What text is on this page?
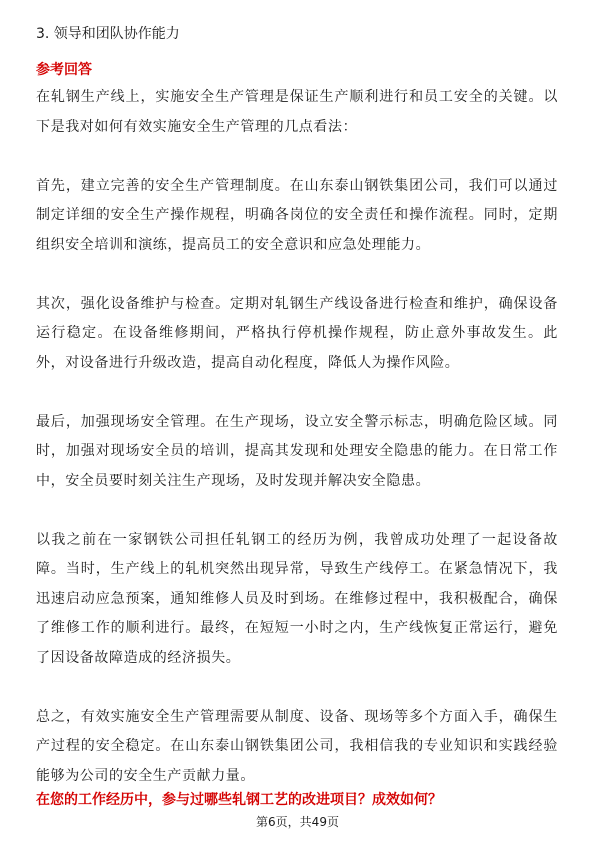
3. 领导和团队协作能力
参考回答

在轧钢生产线上，实施安全生产管理是保证生产顺利进行和员工安全的关键。以下是我对如何有效实施安全生产管理的几点看法：

首先，建立完善的安全生产管理制度。在山东泰山钢铁集团公司，我们可以通过制定详细的安全生产操作规程，明确各岗位的安全责任和操作流程。同时，定期组织安全培训和演练，提高员工的安全意识和应急处理能力。

其次，强化设备维护与检查。定期对轧钢生产线设备进行检查和维护，确保设备运行稳定。在设备维修期间，严格执行停机操作规程，防止意外事故发生。此外，对设备进行升级改造，提高自动化程度，降低人为操作风险。

最后，加强现场安全管理。在生产现场，设立安全警示标志，明确危险区域。同时，加强对现场安全员的培训，提高其发现和处理安全隐患的能力。在日常工作中，安全员要时刻关注生产现场，及时发现并解决安全隐患。

以我之前在一家钢铁公司担任轧钢工的经历为例，我曾成功处理了一起设备故障。当时，生产线上的轧机突然出现异常，导致生产线停工。在紧急情况下，我迅速启动应急预案，通知维修人员及时到场。在维修过程中，我积极配合，确保了维修工作的顺利进行。最终，在短短一小时之内，生产线恢复正常运行，避免了因设备故障造成的经济损失。

总之，有效实施安全生产管理需要从制度、设备、现场等多个方面入手，确保生产过程的安全稳定。在山东泰山钢铁集团公司，我相信我的专业知识和实践经验能够为公司的安全生产贡献力量。

在您的工作经历中，参与过哪些轧钢工艺的改进项目？成效如何？
第6页，共49页
